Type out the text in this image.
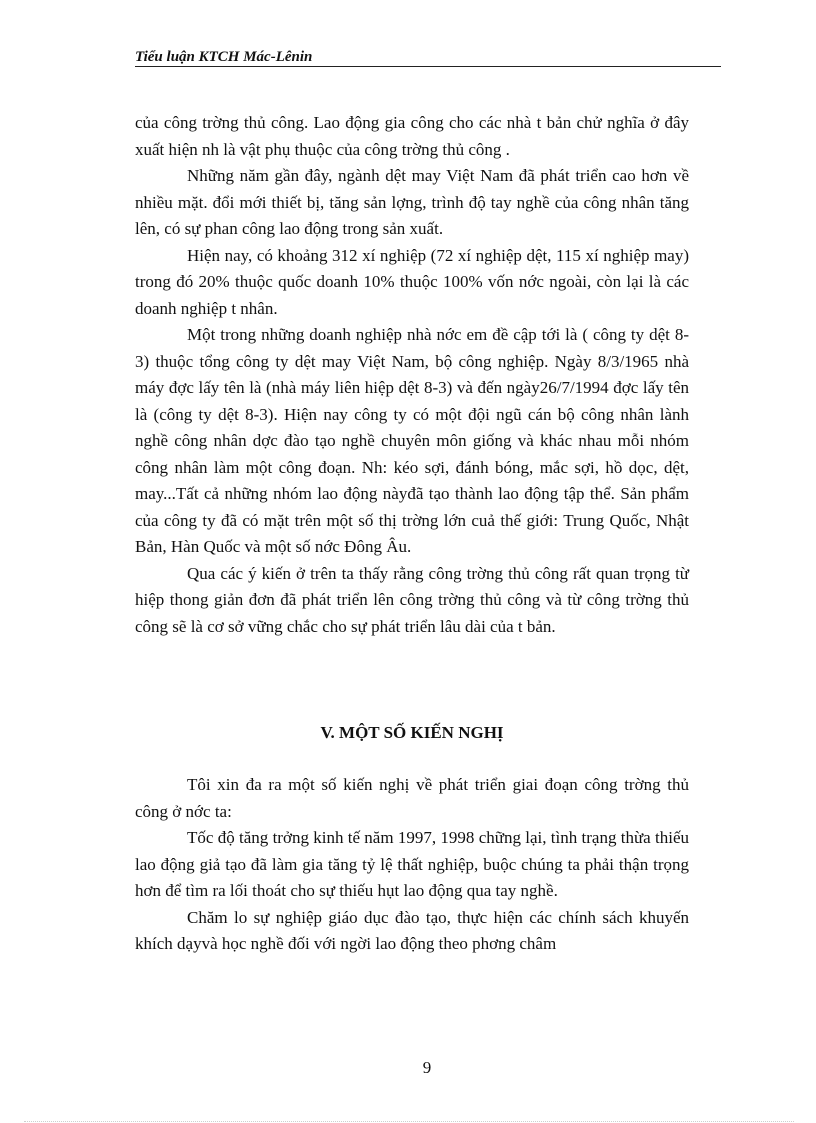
Tiểu luận KTCH Mác-Lênin

của công trờng thủ công. Lao động gia công cho các nhà t bản chử nghĩa ở đây xuất hiện nh là vật phụ thuộc của công trờng thủ công .

Những năm gần đây, ngành dệt may Việt Nam đã phát triển cao hơn về nhiều mặt. đổi mới thiết bị, tăng sản lợng, trình độ tay nghề của công nhân tăng lên, có sự phan công lao động trong sản xuất.

Hiện nay, có khoảng 312 xí nghiệp (72 xí nghiệp dệt, 115 xí nghiệp may) trong đó 20% thuộc quốc doanh 10% thuộc 100% vốn nớc ngoài, còn lại là các doanh nghiệp t nhân.

Một trong những doanh nghiệp nhà nớc em đề cập tới là ( công ty dệt 8-3) thuộc tổng công ty dệt may Việt Nam, bộ công nghiệp. Ngày 8/3/1965 nhà máy đợc lấy tên là (nhà máy liên hiệp dệt 8-3) và đến ngày26/7/1994 đợc lấy tên là (công ty dệt 8-3). Hiện nay công ty có một đội ngũ cán bộ công nhân lành nghề công nhân dợc đào tạo nghề chuyên môn giống và khác nhau mỗi nhóm công nhân làm một công đoạn. Nh: kéo sợi, đánh bóng, mắc sợi, hồ dọc, dệt, may...Tất cả những nhóm lao động nàyđã tạo thành lao động tập thể. Sản phẩm của công ty đã có mặt trên một số thị trờng lớn cuả thế giới: Trung Quốc, Nhật Bản, Hàn Quốc và một số nớc Đông Âu.

Qua các ý kiến ở trên ta thấy rằng công trờng thủ công rất quan trọng từ hiệp thong giản đơn đã phát triển lên công trờng thủ công và từ công trờng thủ công sẽ là cơ sở vững chắc cho sự phát triển lâu dài của t bản.

V. MỘT SỐ KIẾN NGHỊ

Tôi xin đa ra một số kiến nghị về phát triển giai đoạn công trờng thủ công ở nớc ta:

Tốc độ tăng trởng kinh tế năm 1997, 1998 chững lại, tình trạng thừa thiếu lao động giả tạo đã làm gia tăng tỷ lệ thất nghiệp, buộc chúng ta phải thận trọng hơn để tìm ra lối thoát cho sự thiếu hụt lao động qua tay nghề.

Chăm lo sự nghiệp giáo dục đào tạo, thực hiện các chính sách khuyến khích dạyvà học nghề đối với ngời lao động theo phơng châm

9
